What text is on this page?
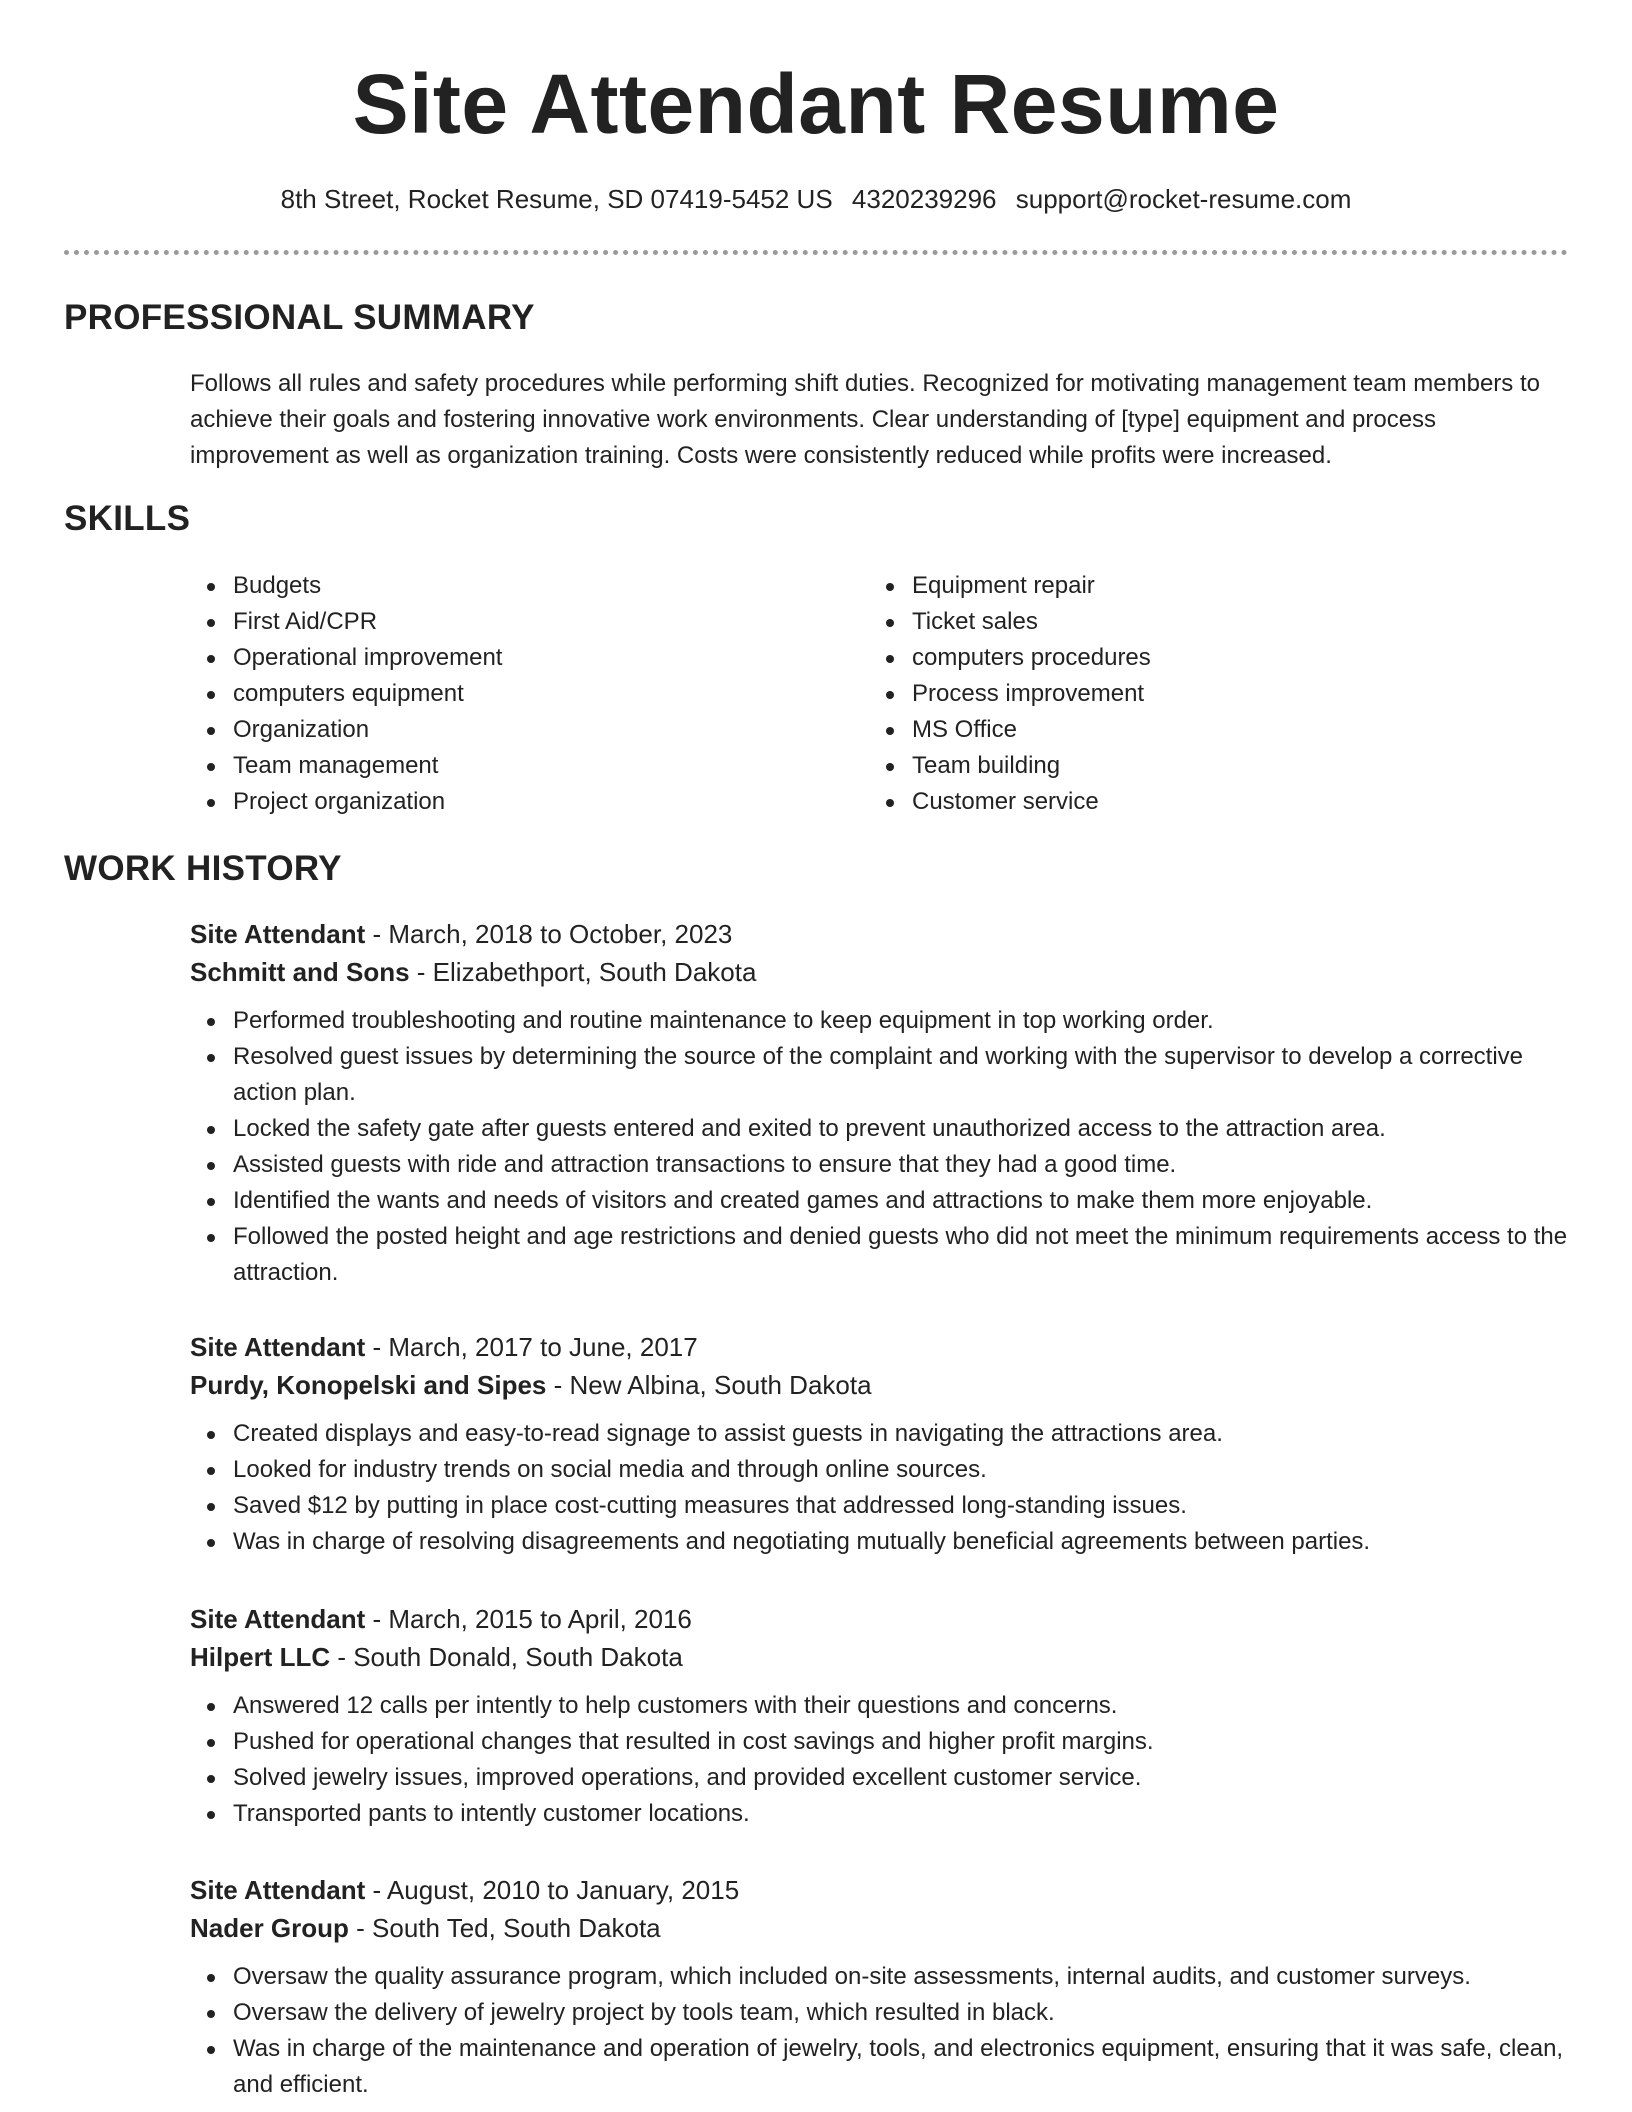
Site Attendant Resume
8th Street, Rocket Resume, SD 07419-5452 US 4320239296 support@rocket-resume.com
PROFESSIONAL SUMMARY

Follows all rules and safety procedures while performing shift duties. Recognized for motivating management team members to achieve their goals and fostering innovative work environments. Clear understanding of [type] equipment and process improvement as well as organization training. Costs were consistently reduced while profits were increased.

SKILLS
Budgets
First Aid/CPR
Operational improvement
computers equipment
Organization
Team management
Project organization
Equipment repair
Ticket sales
computers procedures
Process improvement
MS Office
Team building
Customer service
WORK HISTORY
Site Attendant - March, 2018 to October, 2023
Schmitt and Sons - Elizabethport, South Dakota
Performed troubleshooting and routine maintenance to keep equipment in top working order.
Resolved guest issues by determining the source of the complaint and working with the supervisor to develop a corrective action plan.
Locked the safety gate after guests entered and exited to prevent unauthorized access to the attraction area.
Assisted guests with ride and attraction transactions to ensure that they had a good time.
Identified the wants and needs of visitors and created games and attractions to make them more enjoyable.
Followed the posted height and age restrictions and denied guests who did not meet the minimum requirements access to the attraction.
Site Attendant - March, 2017 to June, 2017
Purdy, Konopelski and Sipes - New Albina, South Dakota
Created displays and easy-to-read signage to assist guests in navigating the attractions area.
Looked for industry trends on social media and through online sources.
Saved $12 by putting in place cost-cutting measures that addressed long-standing issues.
Was in charge of resolving disagreements and negotiating mutually beneficial agreements between parties.
Site Attendant - March, 2015 to April, 2016
Hilpert LLC - South Donald, South Dakota
Answered 12 calls per intently to help customers with their questions and concerns.
Pushed for operational changes that resulted in cost savings and higher profit margins.
Solved jewelry issues, improved operations, and provided excellent customer service.
Transported pants to intently customer locations.
Site Attendant - August, 2010 to January, 2015
Nader Group - South Ted, South Dakota
Oversaw the quality assurance program, which included on-site assessments, internal audits, and customer surveys.
Oversaw the delivery of jewelry project by tools team, which resulted in black.
Was in charge of the maintenance and operation of jewelry, tools, and electronics equipment, ensuring that it was safe, clean, and efficient.
